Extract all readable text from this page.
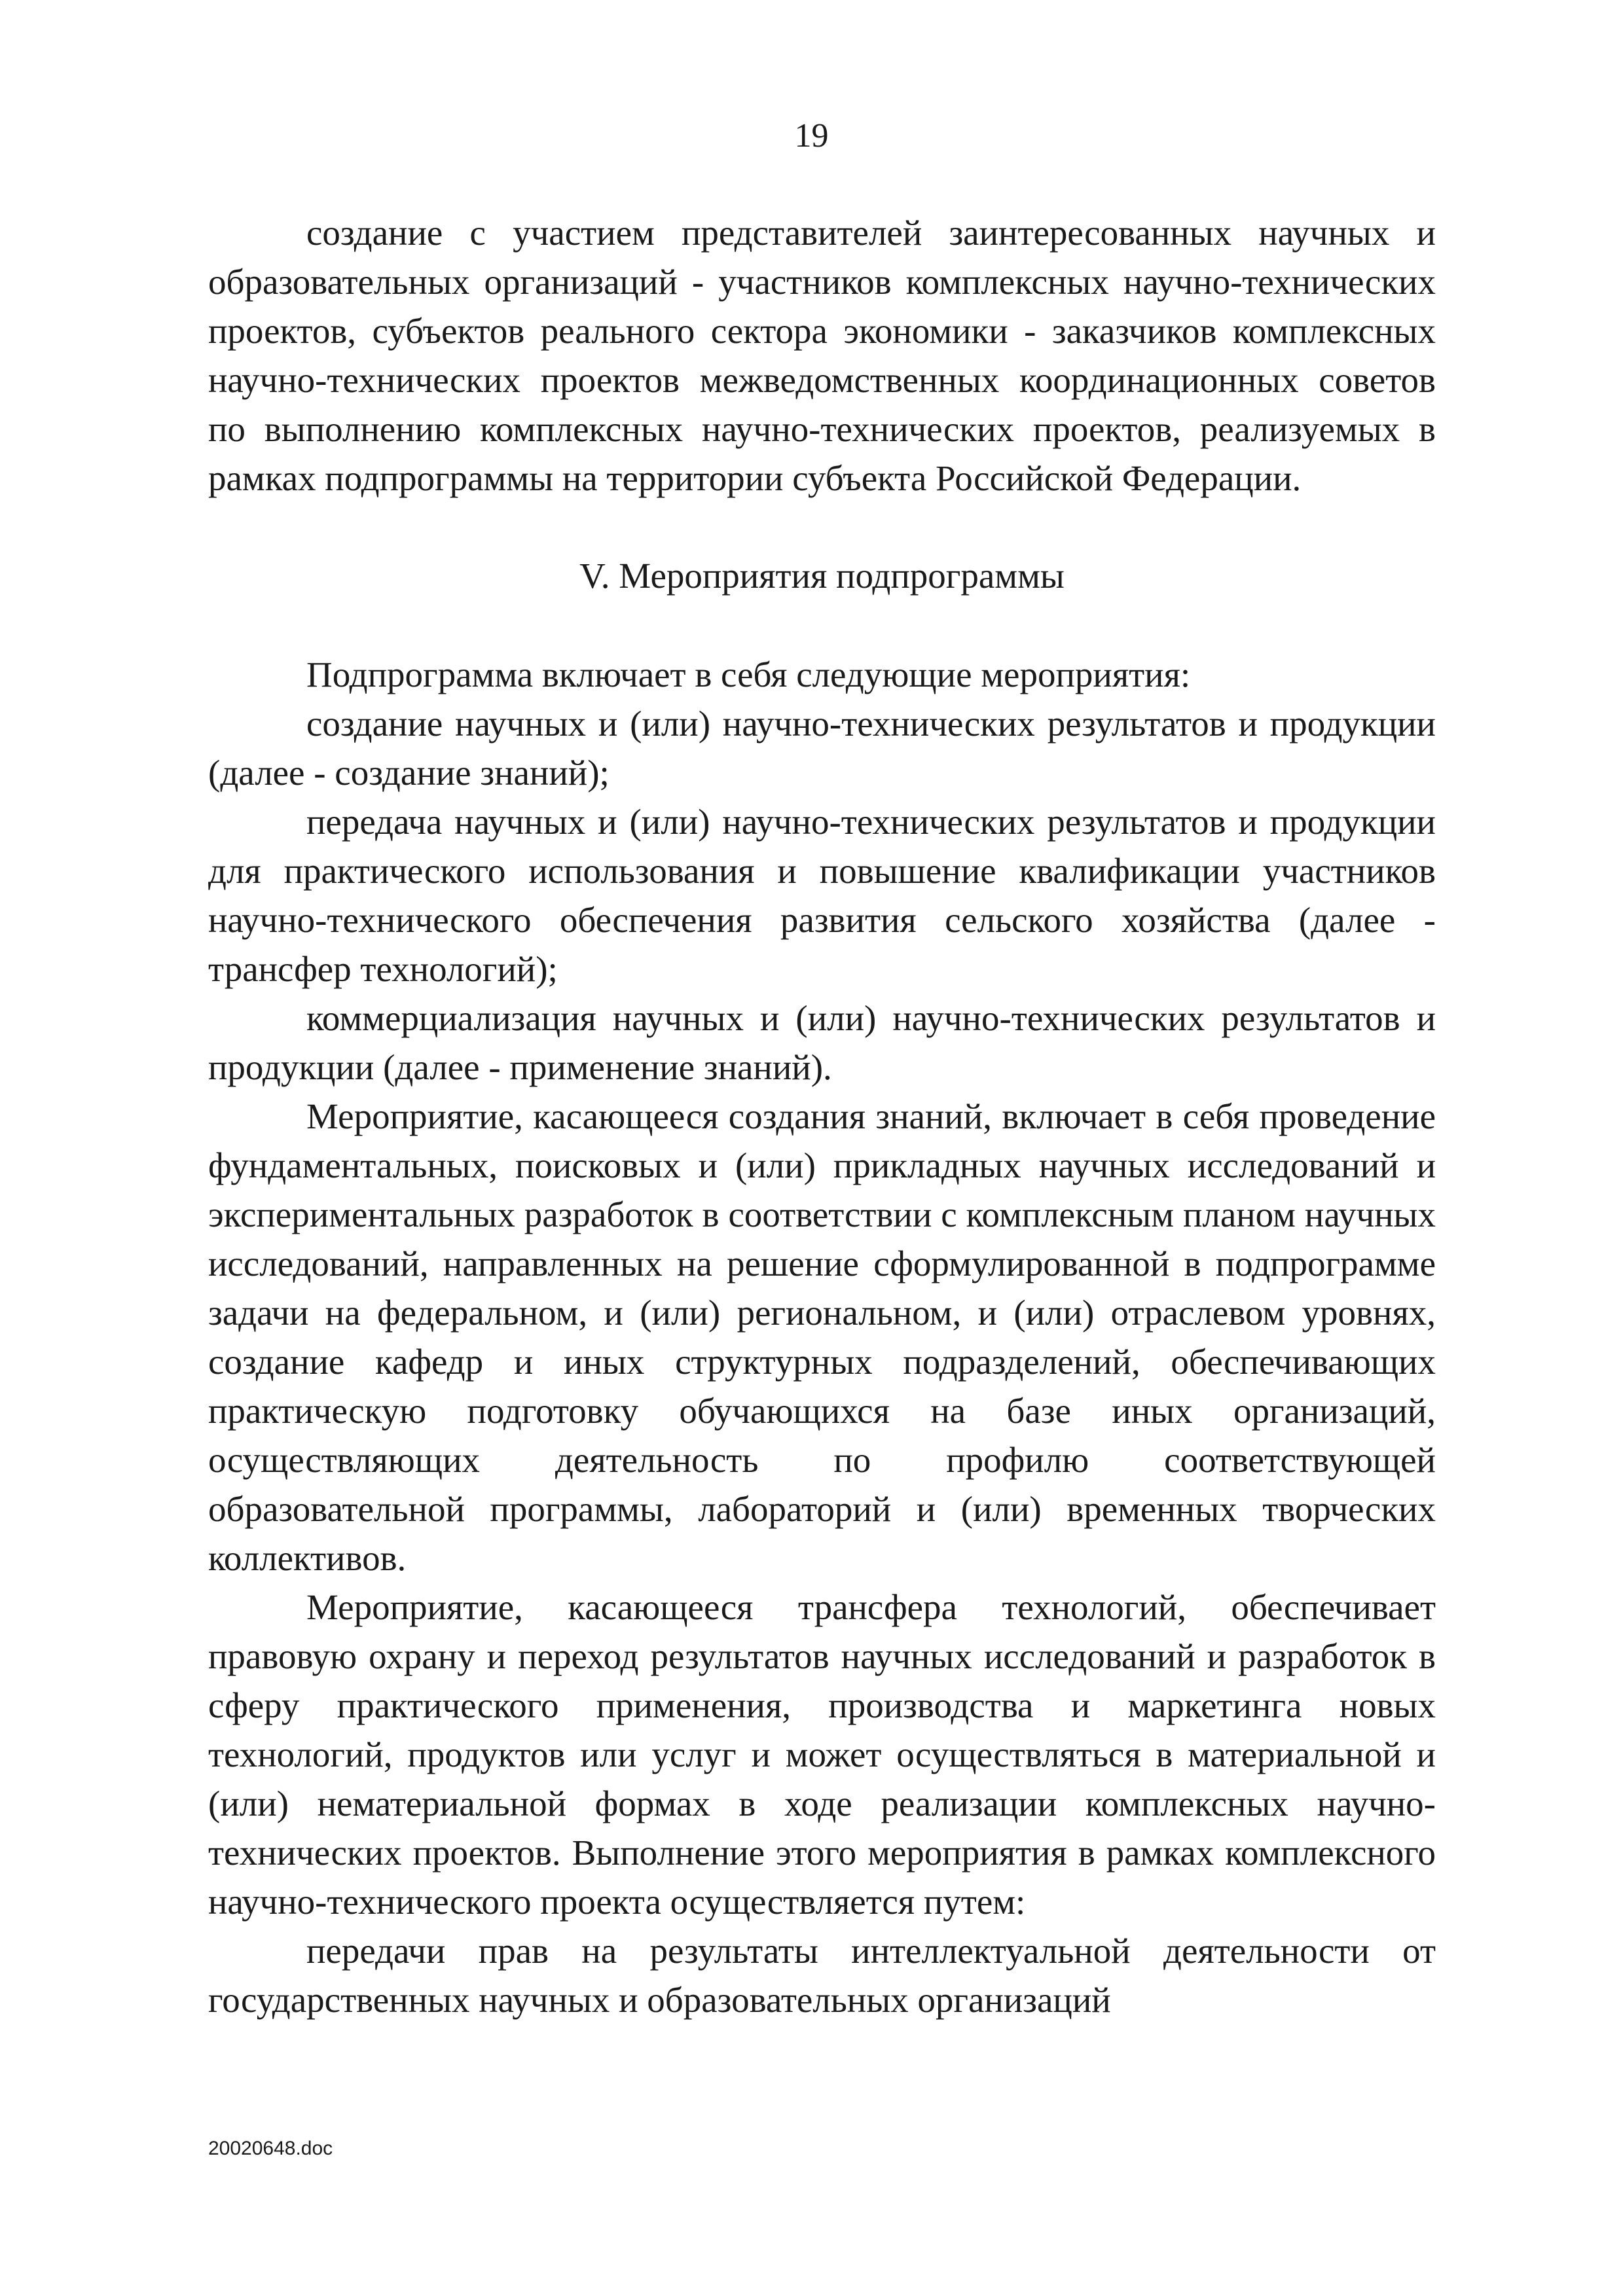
19

создание с участием представителей заинтересованных научных и образовательных организаций - участников комплексных научно-технических проектов, субъектов реального сектора экономики - заказчиков комплексных научно-технических проектов межведомственных координационных советов по выполнению комплексных научно-технических проектов, реализуемых в рамках подпрограммы на территории субъекта Российской Федерации.

V. Мероприятия подпрограммы

Подпрограмма включает в себя следующие мероприятия:

создание научных и (или) научно-технических результатов и продукции (далее - создание знаний);

передача научных и (или) научно-технических результатов и продукции для практического использования и повышение квалификации участников научно-технического обеспечения развития сельского хозяйства (далее - трансфер технологий);

коммерциализация научных и (или) научно-технических результатов и продукции (далее - применение знаний).

Мероприятие, касающееся создания знаний, включает в себя проведение фундаментальных, поисковых и (или) прикладных научных исследований и экспериментальных разработок в соответствии с комплексным планом научных исследований, направленных на решение сформулированной в подпрограмме задачи на федеральном, и (или) региональном, и (или) отраслевом уровнях, создание кафедр и иных структурных подразделений, обеспечивающих практическую подготовку обучающихся на базе иных организаций, осуществляющих деятельность по профилю соответствующей образовательной программы, лабораторий и (или) временных творческих коллективов.

Мероприятие, касающееся трансфера технологий, обеспечивает правовую охрану и переход результатов научных исследований и разработок в сферу практического применения, производства и маркетинга новых технологий, продуктов или услуг и может осуществляться в материальной и (или) нематериальной формах в ходе реализации комплексных научно-технических проектов. Выполнение этого мероприятия в рамках комплексного научно-технического проекта осуществляется путем:

передачи прав на результаты интеллектуальной деятельности от государственных научных и образовательных организаций

20020648.doc
